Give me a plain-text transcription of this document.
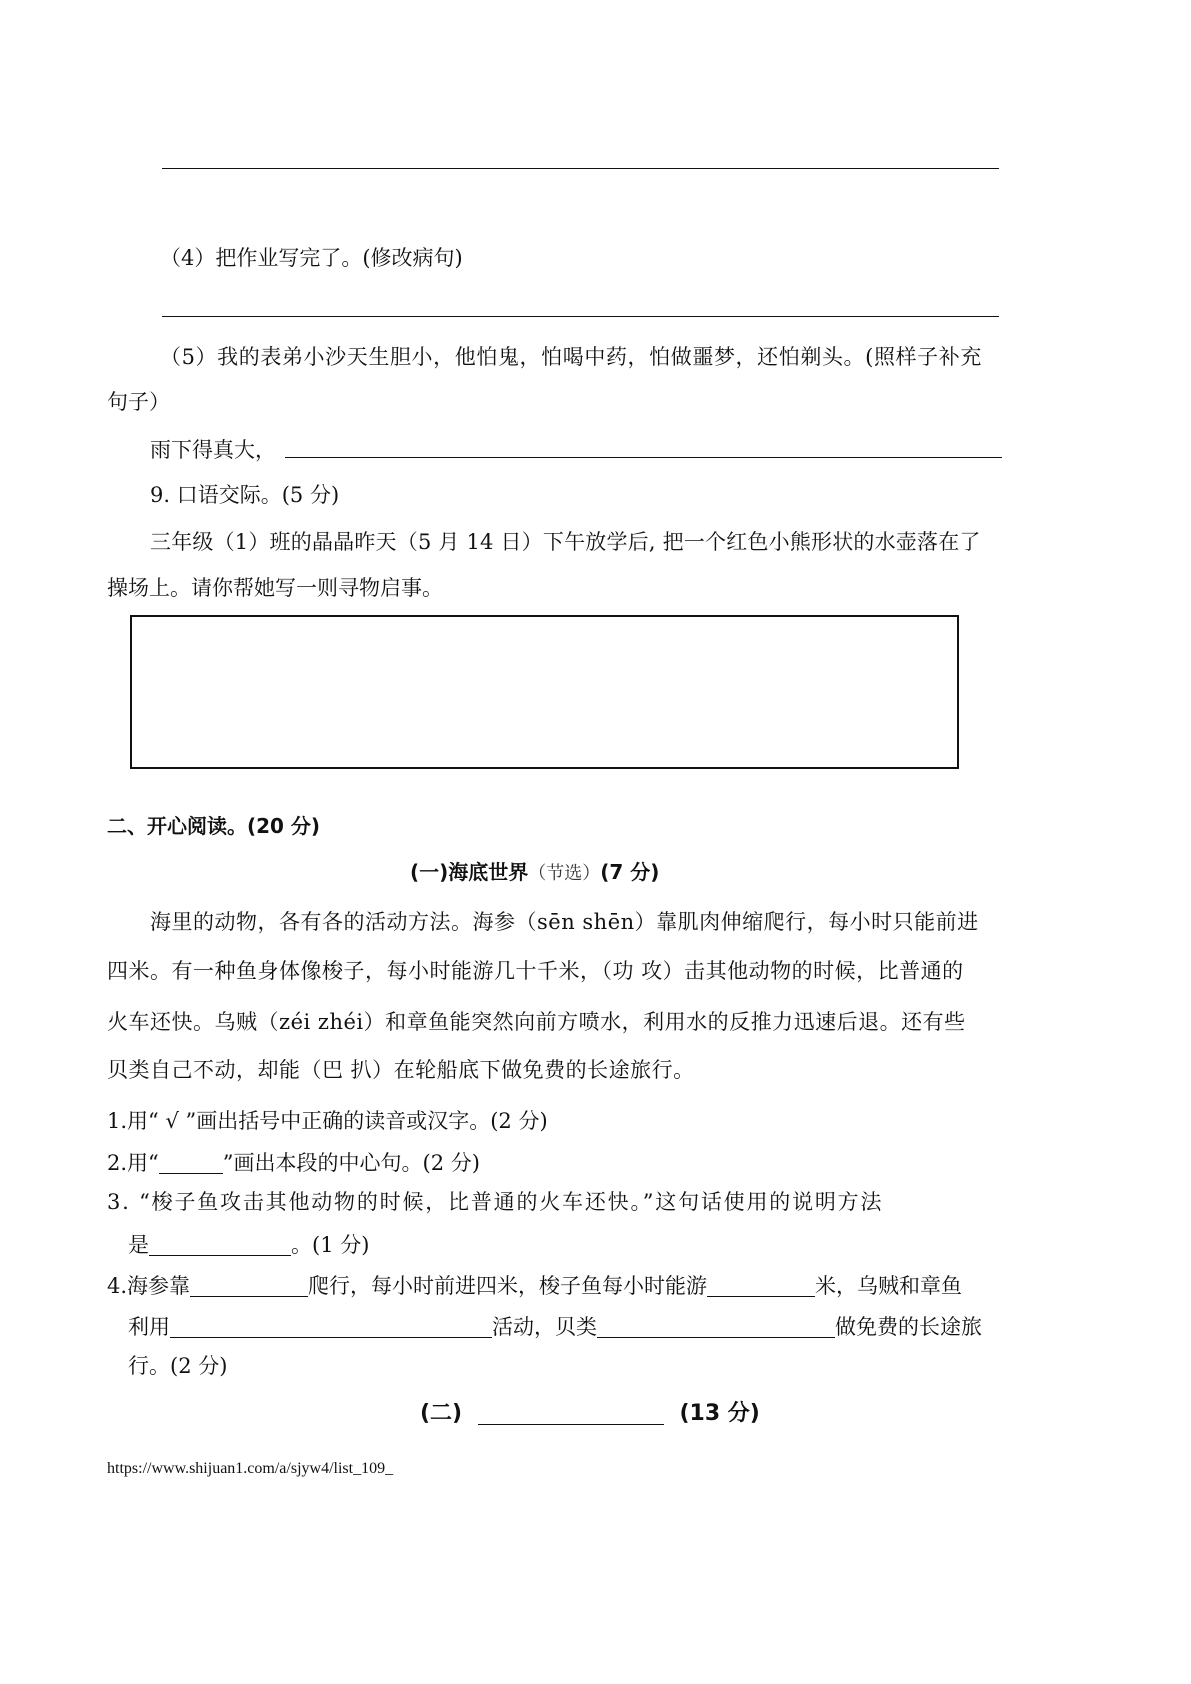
（4）把作业写完了。(修改病句)
（5）我的表弟小沙天生胆小，他怕鬼，怕喝中药，怕做噩梦，还怕剃头。(照样子补充
句子）
雨下得真大，
9. 口语交际。(5 分)
三年级（1）班的晶晶昨天（5 月 14 日）下午放学后, 把一个红色小熊形状的水壶落在了
操场上。请你帮她写一则寻物启事。
二、开心阅读。(20 分)
(一)海底世界（节选）(7 分)
海里的动物，各有各的活动方法。海参（sēn shēn）靠肌肉伸缩爬行，每小时只能前进
四米。有一种鱼身体像梭子，每小时能游几十千米，（功 攻）击其他动物的时候，比普通的
火车还快。乌贼（zéi zhéi）和章鱼能突然向前方喷水，利用水的反推力迅速后退。还有些
贝类自己不动，却能（巴 扒）在轮船底下做免费的长途旅行。
1.用“ √ ”画出括号中正确的读音或汉字。(2 分)
2.用“	”画出本段的中心句。(2 分)
3. “梭子鱼攻击其他动物的时候，比普通的火车还快。”这句话使用的说明方法
是	。(1 分)
4.海参靠	爬行，每小时前进四米，梭子鱼每小时能游	米，乌贼和章鱼
利用	活动，贝类	做免费的长途旅
行。(2 分)
(二)	(13 分)
https://www.shijuan1.com/a/sjyw4/list_109_
